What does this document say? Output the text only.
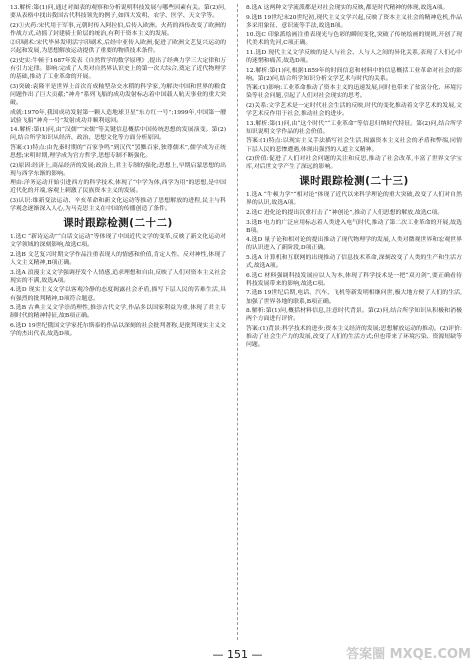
13.解析:第(1)问,通过对图表的观察和分析说明科技发展与哪些因素有关。第(2)问,要从表格中找出我国古代科技领先的例子,如四大发明、农学、医学、天文学等。
(2)①火药:宋代用于军事,元朝时传入阿拉伯,后传入欧洲。火药的西传改变了欧洲的作战方式,动摇了封建骑士阶层的统治,有利于资本主义的发展。
②印刷术:宋代毕昇发明活字印刷术,后经中亚传入欧洲,促进了欧洲文艺复兴运动的兴起和发展,为思想解放运动提供了重要的物质技术条件。
(2)史实:牛顿于1687年发表《自然哲学的数学原理》,提出了经典力学三大定律和万有引力定律。影响:完成了人类对自然界认识史上的第一次大综合,奠定了近代物理学的基础,推动了工业革命的开展。
(3)突破:袁隆平是世界上首次育成籼型杂交水稻的科学家,为解决中国和世界的粮食问题作出了巨大贡献;“神舟”系列飞船的成功发射标志着中国载人航天事业的重大突破。
成就:1970年,我国成功发射第一颗人造地球卫星“东方红一号”;1999年,中国第一艘试验飞船“神舟一号”发射成功并顺利返回。
14.解析:第(1)问,由“汉儒”“宋儒”等关键信息概括中国传统思想的发展演变。第(2)问,结合所学知识从经济、政治、思想文化等方面分析原因。
答案:(1)特点:由先秦时期的“百家争鸣”到汉代“罢黜百家,独尊儒术”,儒学成为正统思想;宋明时期,理学成为官方哲学,思想专制不断强化。
(2)原因:经济上,商品经济的发展;政治上,君主专制的强化;思想上,早期启蒙思想的出现与西学东渐的影响。
理由:洋务运动开始引进西方的科学技术,体现了“中学为体,西学为用”的思想,是中国近代化的开端,客观上刺激了民族资本主义的发展。
(3)认识:维新变法运动、辛亥革命和新文化运动等推动了思想解放的进程,民主与科学观念逐渐深入人心,为马克思主义在中国的传播创造了条件。
课时跟踪检测(二十二)
1.选C “新诗运动”“白话文运动”等体现了中国近代文学的变革,反映了新文化运动对文学领域的深刻影响,故选C项。
2.选B 文艺复兴时期文学作品注重表现人的情感和价值,肯定人性、反对神性,体现了人文主义精神,B项正确。
3.选A 浪漫主义文学强调抒发个人情感,追求理想和自由,反映了人们对资本主义社会现实的不满,故选A项。
4.选D 现实主义文学以客观冷静的态度揭露社会矛盾,描写下层人民的苦难生活,具有强烈的批判精神,D项符合题意。
5.选B 古典主义文学崇尚理性,推崇古代文学,作品多以国家利益为重,体现了君主专制时代的精神特征,故B项正确。
6.选D 19世纪俄国文学家托尔斯泰的作品以深刻的社会批判著称,是批判现实主义文学的杰出代表,故选D项。
8.选A 这两种文学流派都是对社会现实的反映,都是时代精神的体现,故选A项。
9.选B 19世纪末20世纪初,现代主义文学兴起,反映了资本主义社会的精神危机,作品多采用象征、意识流等手法,故选B项。
10.选C 印象派绘画注重表现光与色彩的瞬间变化,突破了传统绘画的规则,开创了现代美术的先河,C项正确。
11.选D 现代主义文学反映的是人与社会、人与人之间的异化关系,表现了人们心中的迷惘和痛苦,故选D项。
12.解析:第(1)问,根据1859年的时间信息和材料中的信息概括工业革命对社会的影响。第(2)问,结合所学知识分析文学艺术与时代的关系。
答案:(1)影响:工业革命推动了资本主义的迅速发展,同时也带来了贫富分化、环境污染等社会问题,引起了人们对社会现实的思考。
(2)关系:文学艺术是一定时代社会生活的反映,时代的变化推动着文学艺术的发展,文学艺术反作用于社会,推动社会的进步。
13.解析:第(1)问,由“这个时代”“工业革命”等信息归纳时代特征。第(2)问,结合所学知识说明文学作品的社会价值。
答案:(1)特点:以现实主义手法描写社会生活,揭露资本主义社会的矛盾和弊端,同情下层人民的悲惨遭遇,体现出强烈的人道主义精神。
(2)价值:促进了人们对社会问题的关注和反思,推动了社会改革,丰富了世界文学宝库,对后世文学产生了深远的影响。
课时跟踪检测(二十三)
1.选A “牛顿力学”“相对论”体现了近代以来科学理论的重大突破,改变了人们对自然界的认识,故选A项。
2.选C 进化论的提出沉重打击了“神创论”,推动了人们思想的解放,故选C项。
3.选B 电力的广泛应用标志着人类进入电气时代,推动了第二次工业革命的开展,故选B项。
4.选D 量子论和相对论的提出推动了现代物理学的发展,人类对微观世界和宏观世界的认识进入了新阶段,D项正确。
5.选A 计算机和互联网的出现推动了信息技术革命,深刻改变了人类的生产和生活方式,故选A项。
6.选C 材料强调科技发展应以人为本,体现了科学技术是一把“双刃剑”,要正确看待科技发展带来的影响,故选C项。
7.选B 19世纪后期,电话、汽车、飞机等新发明相继问世,极大地方便了人们的生活,加强了世界各地的联系,B项正确。
8.解析:第(1)问,概括材料信息,注意时代背景。第(2)问,结合所学知识从积极和消极两个方面进行评价。
答案:(1)背景:科学技术的进步;资本主义经济的发展;思想解放运动的推动。(2)评价:推动了社会生产力的发展,改变了人们的生活方式;但也带来了环境污染、资源短缺等问题。
— 151 —	答案圈 MXQE.COM
